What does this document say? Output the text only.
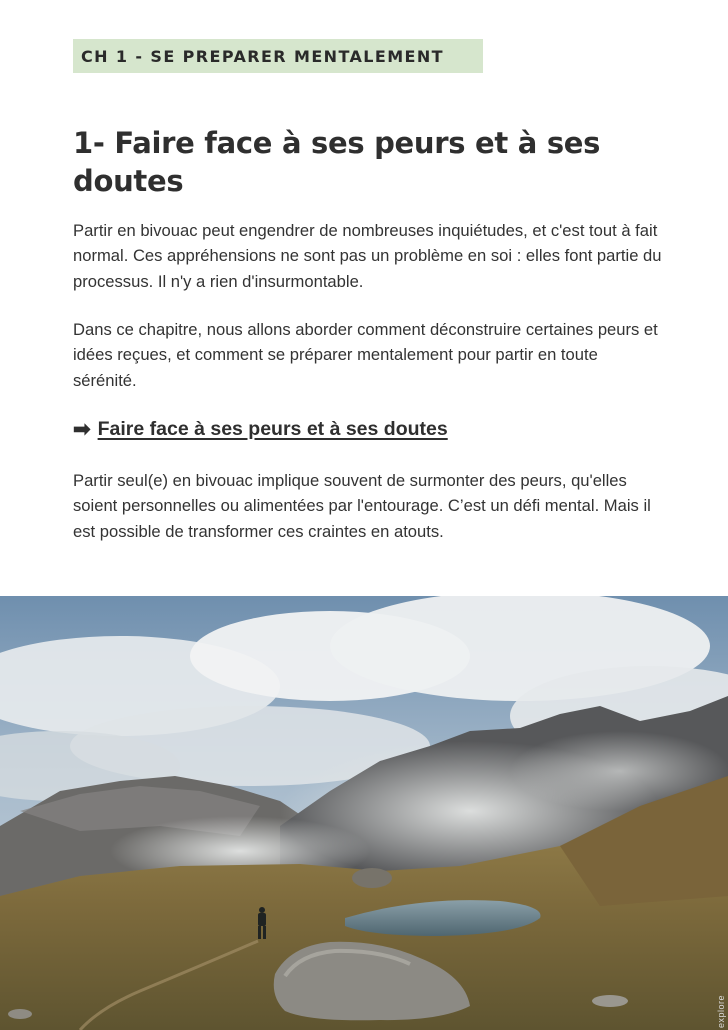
CH 1 - SE PREPARER MENTALEMENT
1- Faire face à ses peurs et à ses doutes

Partir en bivouac peut engendrer de nombreuses inquiétudes, et c'est tout à fait normal. Ces appréhensions ne sont pas un problème en soi : elles font partie du processus. Il n'y a rien d'insurmontable.

Dans ce chapitre, nous allons aborder comment déconstruire certaines peurs et idées reçues, et comment se préparer mentalement pour partir en toute sérénité.

➡ Faire face à ses peurs et à ses doutes

Partir seul(e) en bivouac implique souvent de surmonter des peurs, qu'elles soient personnelles ou alimentées par l'entourage. C’est un défi mental. Mais il est possible de transformer ces craintes en atouts.

explore
